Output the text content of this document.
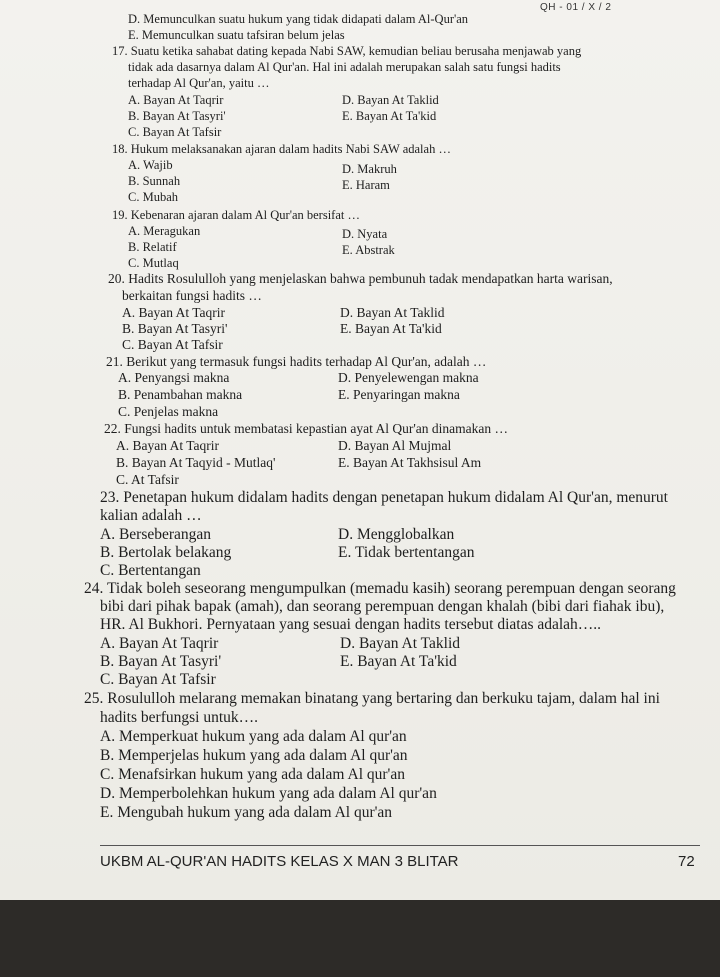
QH - 01 / X / 2
D. Memunculkan suatu hukum yang tidak didapati dalam Al-Qur'an
E. Memunculkan suatu tafsiran belum jelas
17. Suatu ketika sahabat dating kepada Nabi SAW, kemudian beliau berusaha menjawab yang
tidak ada dasarnya dalam Al Qur'an. Hal ini adalah merupakan salah satu fungsi hadits
terhadap Al Qur'an, yaitu …
A. Bayan At Taqrir	D. Bayan At Taklid
B. Bayan At Tasyri'	E. Bayan At Ta'kid
C. Bayan At Tafsir
18. Hukum melaksanakan ajaran dalam hadits Nabi SAW adalah …
A. Wajib	D. Makruh
B. Sunnah	E. Haram
C. Mubah
19. Kebenaran ajaran dalam Al Qur'an bersifat …
A. Meragukan	D. Nyata
B. Relatif	E. Abstrak
C. Mutlaq
20. Hadits Rosululloh yang menjelaskan bahwa pembunuh tadak mendapatkan harta warisan,
berkaitan fungsi hadits …
A. Bayan At Taqrir	D. Bayan At Taklid
B. Bayan At Tasyri'	E. Bayan At Ta'kid
C. Bayan At Tafsir
21. Berikut yang termasuk fungsi hadits terhadap Al Qur'an, adalah …
A. Penyangsi makna	D. Penyelewengan makna
B. Penambahan makna	E. Penyaringan makna
C. Penjelas makna
22. Fungsi hadits untuk membatasi kepastian ayat Al Qur'an dinamakan …
A. Bayan At Taqrir	D. Bayan Al Mujmal
B. Bayan At Taqyid - Mutlaq'	E. Bayan At Takhsisul Am
C. At Tafsir
23. Penetapan hukum didalam hadits dengan penetapan hukum didalam Al Qur'an, menurut
kalian adalah …
A. Berseberangan	D. Mengglobalkan
B. Bertolak belakang	E. Tidak bertentangan
C. Bertentangan
24. Tidak boleh seseorang mengumpulkan (memadu kasih) seorang perempuan dengan seorang
bibi dari pihak bapak (amah), dan seorang perempuan dengan khalah (bibi dari fiahak ibu),
HR. Al Bukhori. Pernyataan yang sesuai dengan hadits tersebut diatas adalah…..
A. Bayan At Taqrir	D. Bayan At Taklid
B. Bayan At Tasyri'	E. Bayan At Ta'kid
C. Bayan At Tafsir
25. Rosululloh melarang memakan binatang yang bertaring dan berkuku tajam, dalam hal ini
hadits berfungsi untuk….
A. Memperkuat hukum yang ada dalam Al qur'an
B. Memperjelas hukum yang ada dalam Al qur'an
C. Menafsirkan hukum yang ada dalam Al qur'an
D. Memperbolehkan hukum yang ada dalam Al qur'an
E. Mengubah hukum yang ada dalam Al qur'an
UKBM AL-QUR'AN HADITS KELAS X MAN 3 BLITAR	72
